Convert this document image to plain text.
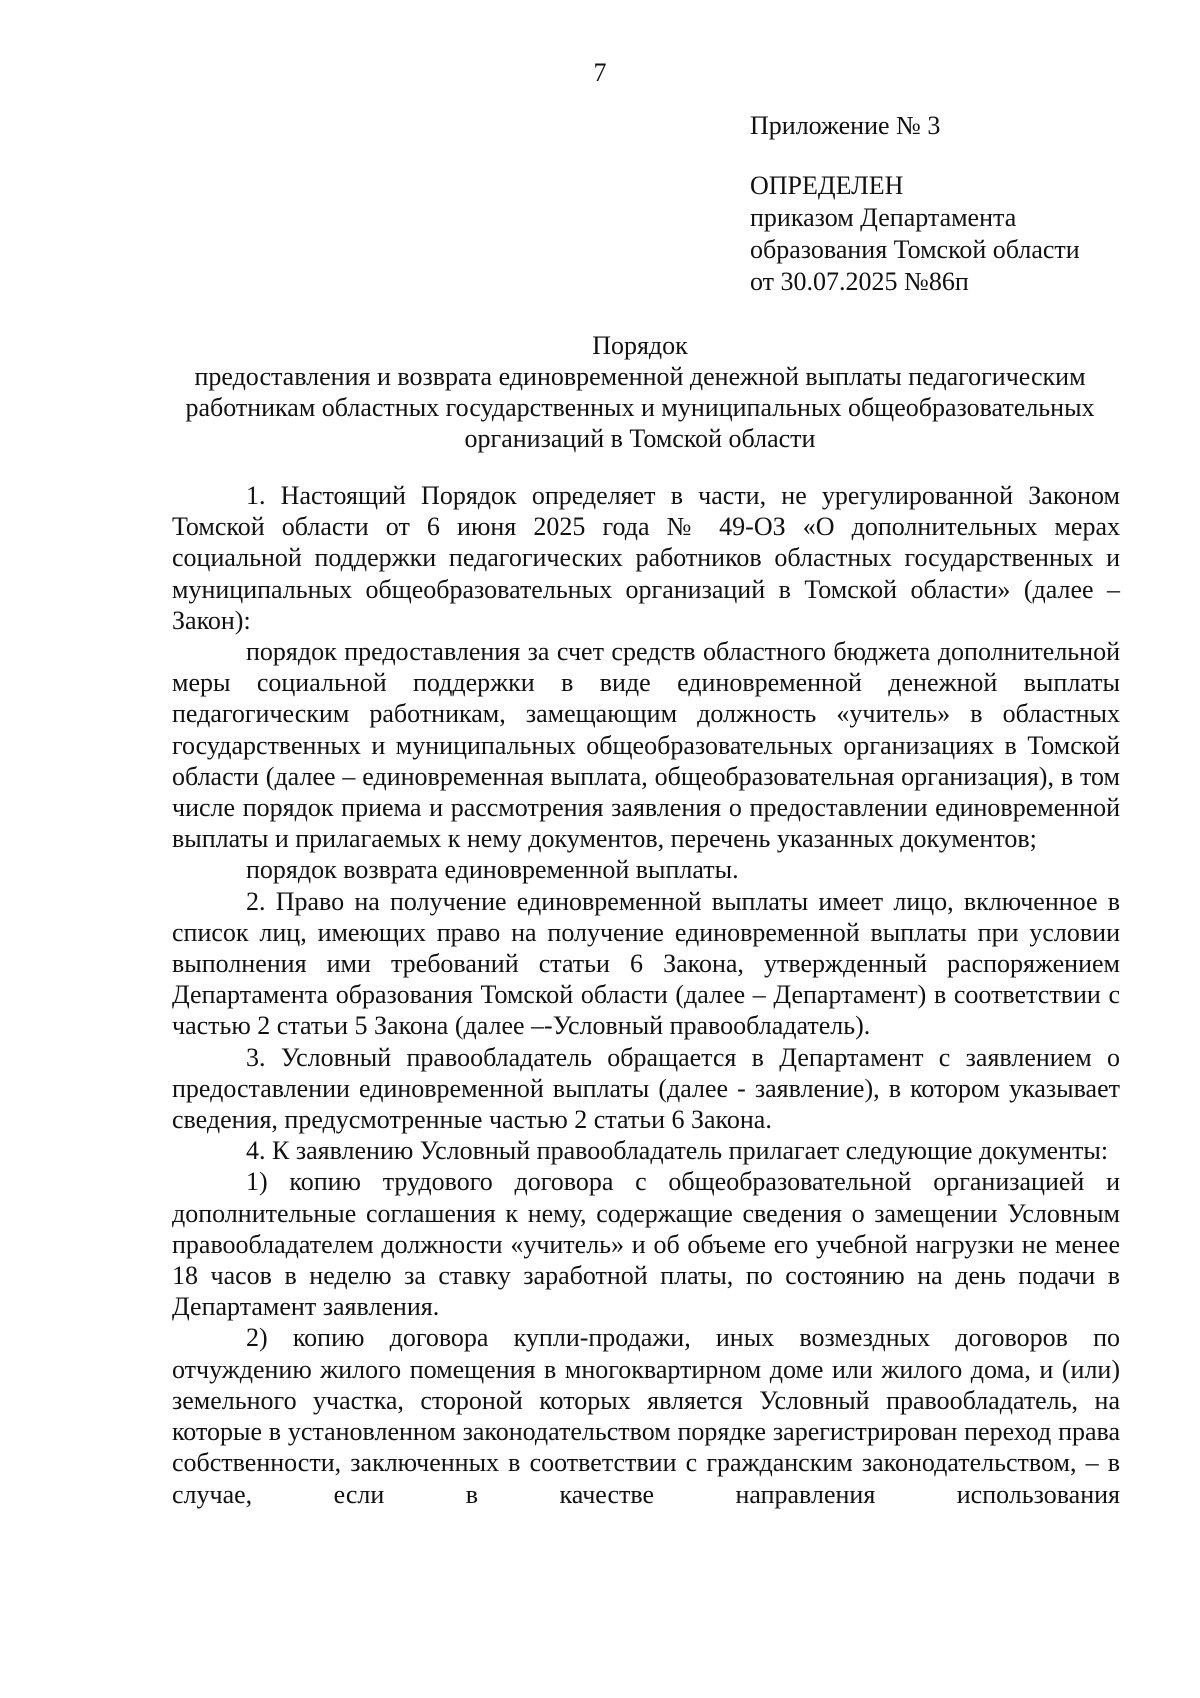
7
Приложение № 3
ОПРЕДЕЛЕН
приказом Департамента
образования Томской области
от 30.07.2025 №86п
Порядок
предоставления и возврата единовременной денежной выплаты педагогическим
работникам областных государственных и муниципальных общеобразовательных
организаций в Томской области

1. Настоящий Порядок определяет в части, не урегулированной Законом Томской области от 6 июня 2025 года № 49-ОЗ «О дополнительных мерах социальной поддержки педагогических работников областных государственных и муниципальных общеобразовательных организаций в Томской области» (далее – Закон):

порядок предоставления за счет средств областного бюджета дополнительной меры социальной поддержки в виде единовременной денежной выплаты педагогическим работникам, замещающим должность «учитель» в областных государственных и муниципальных общеобразовательных организациях в Томской области (далее – единовременная выплата, общеобразовательная организация), в том числе порядок приема и рассмотрения заявления о предоставлении единовременной выплаты и прилагаемых к нему документов, перечень указанных документов;

порядок возврата единовременной выплаты.

2. Право на получение единовременной выплаты имеет лицо, включенное в список лиц, имеющих право на получение единовременной выплаты при условии выполнения ими требований статьи 6 Закона, утвержденный распоряжением Департамента образования Томской области (далее – Департамент) в соответствии с частью 2 статьи 5 Закона (далее –-Условный правообладатель).

3. Условный правообладатель обращается в Департамент с заявлением о предоставлении единовременной выплаты (далее - заявление), в котором указывает сведения, предусмотренные частью 2 статьи 6 Закона.

4. К заявлению Условный правообладатель прилагает следующие документы:

1) копию трудового договора с общеобразовательной организацией и дополнительные соглашения к нему, содержащие сведения о замещении Условным правообладателем должности «учитель» и об объеме его учебной нагрузки не менее 18 часов в неделю за ставку заработной платы, по состоянию на день подачи в Департамент заявления.

2) копию договора купли-продажи, иных возмездных договоров по отчуждению жилого помещения в многоквартирном доме или жилого дома, и (или) земельного участка, стороной которых является Условный правообладатель, на которые в установленном законодательством порядке зарегистрирован переход права собственности, заключенных в соответствии с гражданским законодательством, – в случае, если в качестве направления использования
